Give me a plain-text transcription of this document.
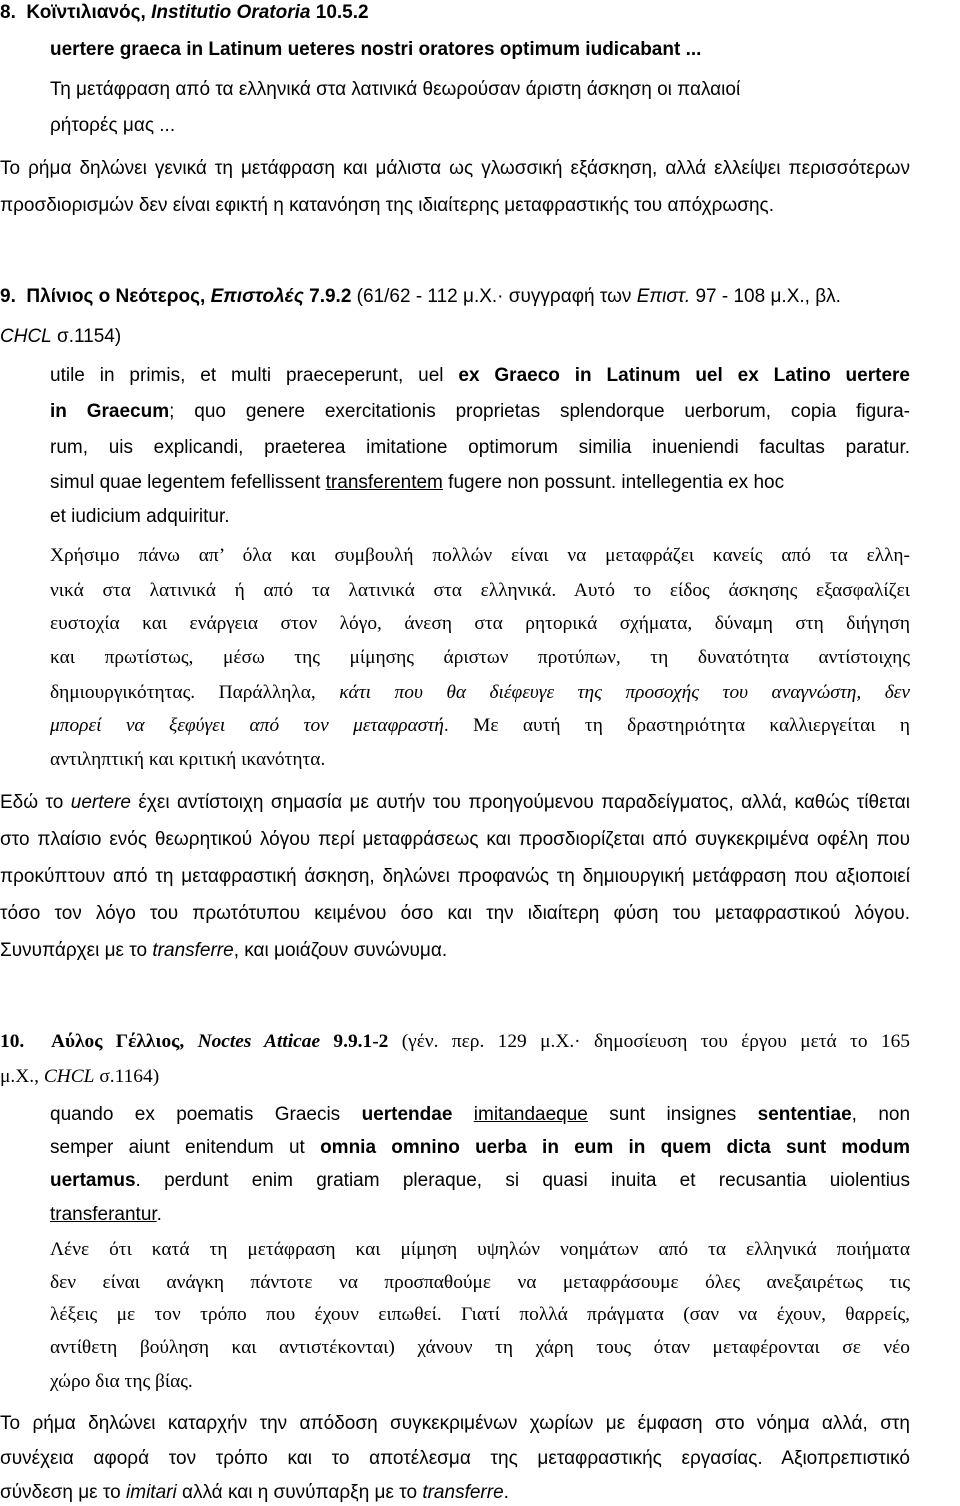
8. Κοϊντιλιανός, Institutio Oratoria 10.5.2
uertere graeca in Latinum ueteres nostri oratores optimum iudicabant ...
Τη μετάφραση από τα ελληνικά στα λατινικά θεωρούσαν άριστη άσκηση οι παλαιοί
ρήτορές μας ...
Το ρήμα δηλώνει γενικά τη μετάφραση και μάλιστα ως γλωσσική εξάσκηση, αλλά ελλείψει περισσότερων
προσδιορισμών δεν είναι εφικτή η κατανόηση της ιδιαίτερης μεταφραστικής του απόχρωσης.
9. Πλίνιος ο Νεότερος, Επιστολές 7.9.2 (61/62 - 112 μ.Χ.· συγγραφή των Επιστ. 97 - 108 μ.Χ., βλ.
CHCL σ.1154)
utile in primis, et multi praeceperunt, uel ex Graeco in Latinum uel ex Latino uertere
in Graecum; quo genere exercitationis proprietas splendorque uerborum, copia figura-
rum, uis explicandi, praeterea imitatione optimorum similia inueniendi facultas paratur.
simul quae legentem fefellissent transferentem fugere non possunt. intellegentia ex hoc
et iudicium adquiritur.
Χρήσιμο πάνω απ’ όλα και συμβουλή πολλών είναι να μεταφράζει κανείς από τα ελλη-
νικά στα λατινικά ή από τα λατινικά στα ελληνικά. Αυτό το είδος άσκησης εξασφαλίζει
ευστοχία και ενάργεια στον λόγο, άνεση στα ρητορικά σχήματα, δύναμη στη διήγηση
και πρωτίστως, μέσω της μίμησης άριστων προτύπων, τη δυνατότητα αντίστοιχης
δημιουργικότητας. Παράλληλα, κάτι που θα διέφευγε της προσοχής του αναγνώστη, δεν
μπορεί να ξεφύγει από τον μεταφραστή. Με αυτή τη δραστηριότητα καλλιεργείται η
αντιληπτική και κριτική ικανότητα.
Εδώ το uertere έχει αντίστοιχη σημασία με αυτήν του προηγούμενου παραδείγματος, αλλά, καθώς τίθεται
στο πλαίσιο ενός θεωρητικού λόγου περί μεταφράσεως και προσδιορίζεται από συγκεκριμένα οφέλη που
προκύπτουν από τη μεταφραστική άσκηση, δηλώνει προφανώς τη δημιουργική μετάφραση που αξιοποιεί
τόσο τον λόγο του πρωτότυπου κειμένου όσο και την ιδιαίτερη φύση του μεταφραστικού λόγου.
Συνυπάρχει με το transferre, και μοιάζουν συνώνυμα.
10. Αύλος Γέλλιος, Noctes Atticae 9.9.1-2 (γέν. περ. 129 μ.Χ.· δημοσίευση του έργου μετά το 165
μ.Χ., CHCL σ.1164)
quando ex poematis Graecis uertendae imitandaeque sunt insignes sententiae, non
semper aiunt enitendum ut omnia omnino uerba in eum in quem dicta sunt modum
uertamus. perdunt enim gratiam pleraque, si quasi inuita et recusantia uiolentius
transferantur.
Λένε ότι κατά τη μετάφραση και μίμηση υψηλών νοημάτων από τα ελληνικά ποιήματα
δεν είναι ανάγκη πάντοτε να προσπαθούμε να μεταφράσουμε όλες ανεξαιρέτως τις
λέξεις με τον τρόπο που έχουν ειπωθεί. Γιατί πολλά πράγματα (σαν να έχουν, θαρρείς,
αντίθετη βούληση και αντιστέκονται) χάνουν τη χάρη τους όταν μεταφέρονται σε νέο
χώρο δια της βίας.
Το ρήμα δηλώνει καταρχήν την απόδοση συγκεκριμένων χωρίων με έμφαση στο νόημα αλλά, στη
συνέχεια αφορά τον τρόπο και το αποτέλεσμα της μεταφραστικής εργασίας. Αξιοπρεπιστικό
σύνδεση με το imitari αλλά και η συνύπαρξη με το transferre.
